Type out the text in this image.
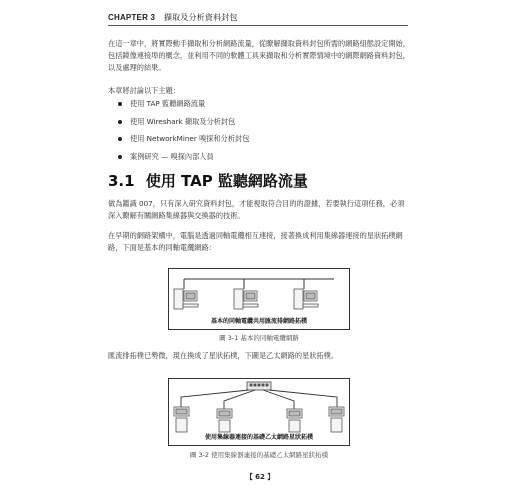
CHAPTER 3 擷取及分析資料封包

在這一章中，將實際動手擷取和分析網路流量，從瞭解擷取資料封包所需的網路組態設定開始，包括鏡像連接埠的概念，並利用不同的軟體工具來擷取和分析實際情境中的網際網路資料封包，以及處理的結果。

本章將討論以下主題：

使用 TAP 監聽網路流量
使用 Wireshark 擷取及分析封包
使用 NetworkMiner 嗅探和分析封包
案例研究 — 嗅探內部人員
3.1 使用 TAP 監聽網路流量

做為鑑識 007，只有深入研究資料封包，才能視取符合目的的證據，若要執行這項任務，必須深入瞭解有關網路集線器與交換器的技術。

在早期的網路架構中，電腦是透過同軸電纜相互連接，接著換成利用集線器連接的星狀拓樸網路，下面是基本的同軸電纜網路：

基本的同軸電纜共用匯流排網路拓樸
圖 3-1 基本的同軸電纜網路

匯流排拓樸已勢微，現在換成了星狀拓樸，下圖是乙太網路的星狀拓樸。

使用集線器連接的基礎乙太網路星狀拓樸
圖 3-2 使用集線器連接的基礎乙太網路星狀拓樸
【 62 】
